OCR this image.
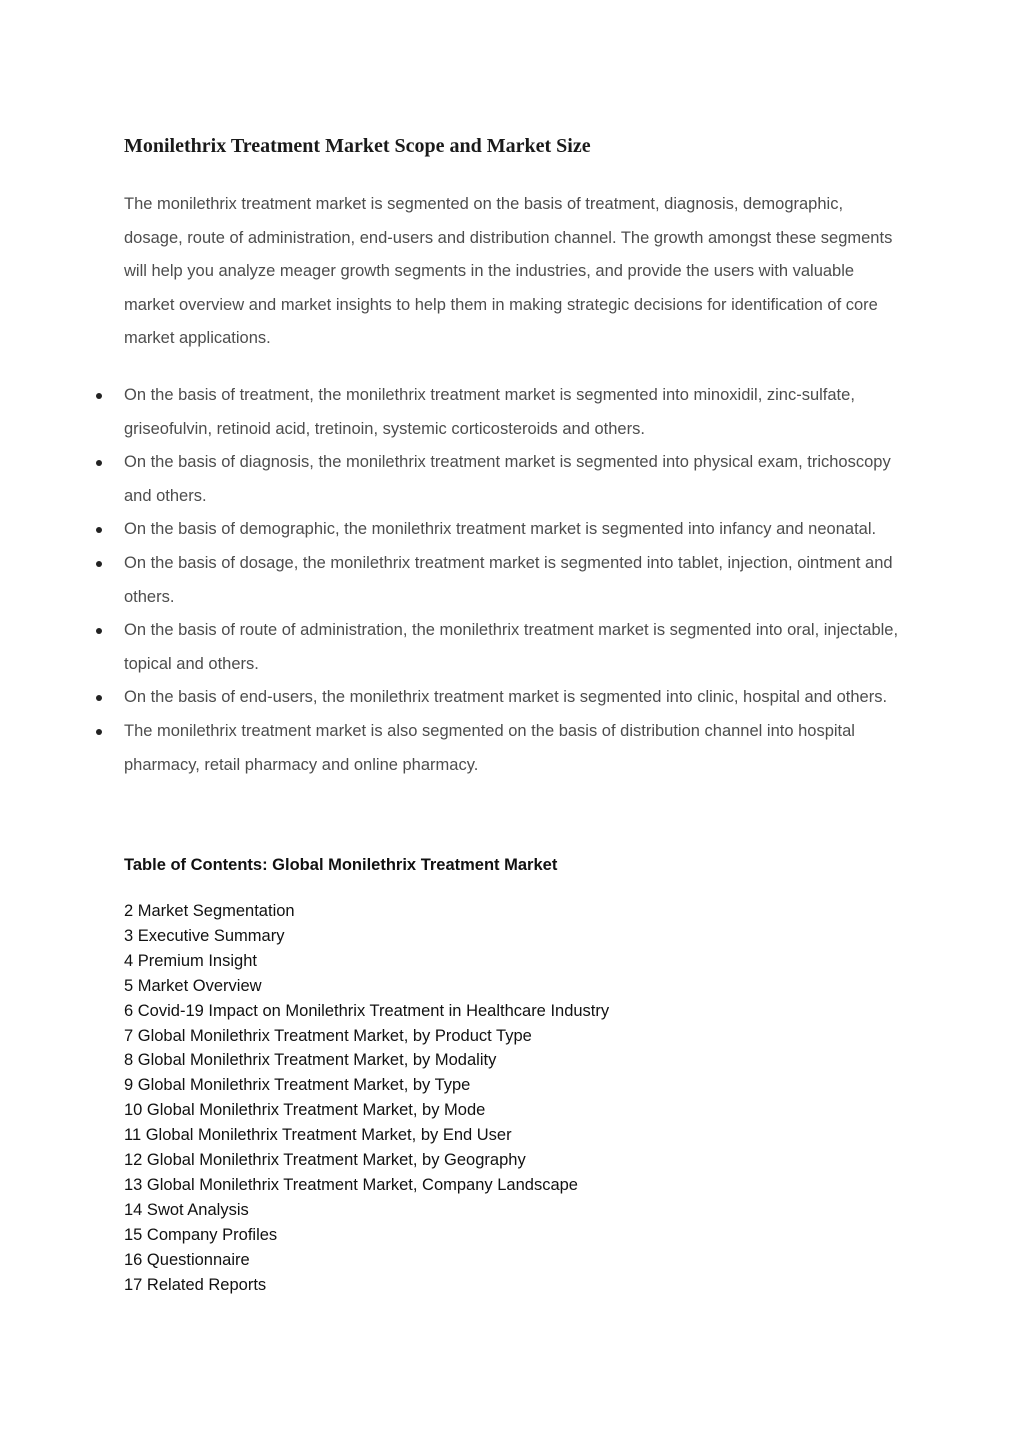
Monilethrix Treatment Market Scope and Market Size

The monilethrix treatment market is segmented on the basis of treatment, diagnosis, demographic, dosage, route of administration, end-users and distribution channel. The growth amongst these segments will help you analyze meager growth segments in the industries, and provide the users with valuable market overview and market insights to help them in making strategic decisions for identification of core market applications.

On the basis of treatment, the monilethrix treatment market is segmented into minoxidil, zinc-sulfate, griseofulvin, retinoid acid, tretinoin, systemic corticosteroids and others.
On the basis of diagnosis, the monilethrix treatment market is segmented into physical exam, trichoscopy and others.
On the basis of demographic, the monilethrix treatment market is segmented into infancy and neonatal.
On the basis of dosage, the monilethrix treatment market is segmented into tablet, injection, ointment and others.
On the basis of route of administration, the monilethrix treatment market is segmented into oral, injectable, topical and others.
On the basis of end-users, the monilethrix treatment market is segmented into clinic, hospital and others.
The monilethrix treatment market is also segmented on the basis of distribution channel into hospital pharmacy, retail pharmacy and online pharmacy.
Table of Contents: Global Monilethrix Treatment Market
2 Market Segmentation
3 Executive Summary
4 Premium Insight
5 Market Overview
6 Covid-19 Impact on Monilethrix Treatment in Healthcare Industry
7 Global Monilethrix Treatment Market, by Product Type
8 Global Monilethrix Treatment Market, by Modality
9 Global Monilethrix Treatment Market, by Type
10 Global Monilethrix Treatment Market, by Mode
11 Global Monilethrix Treatment Market, by End User
12 Global Monilethrix Treatment Market, by Geography
13 Global Monilethrix Treatment Market, Company Landscape
14 Swot Analysis
15 Company Profiles
16 Questionnaire
17 Related Reports
